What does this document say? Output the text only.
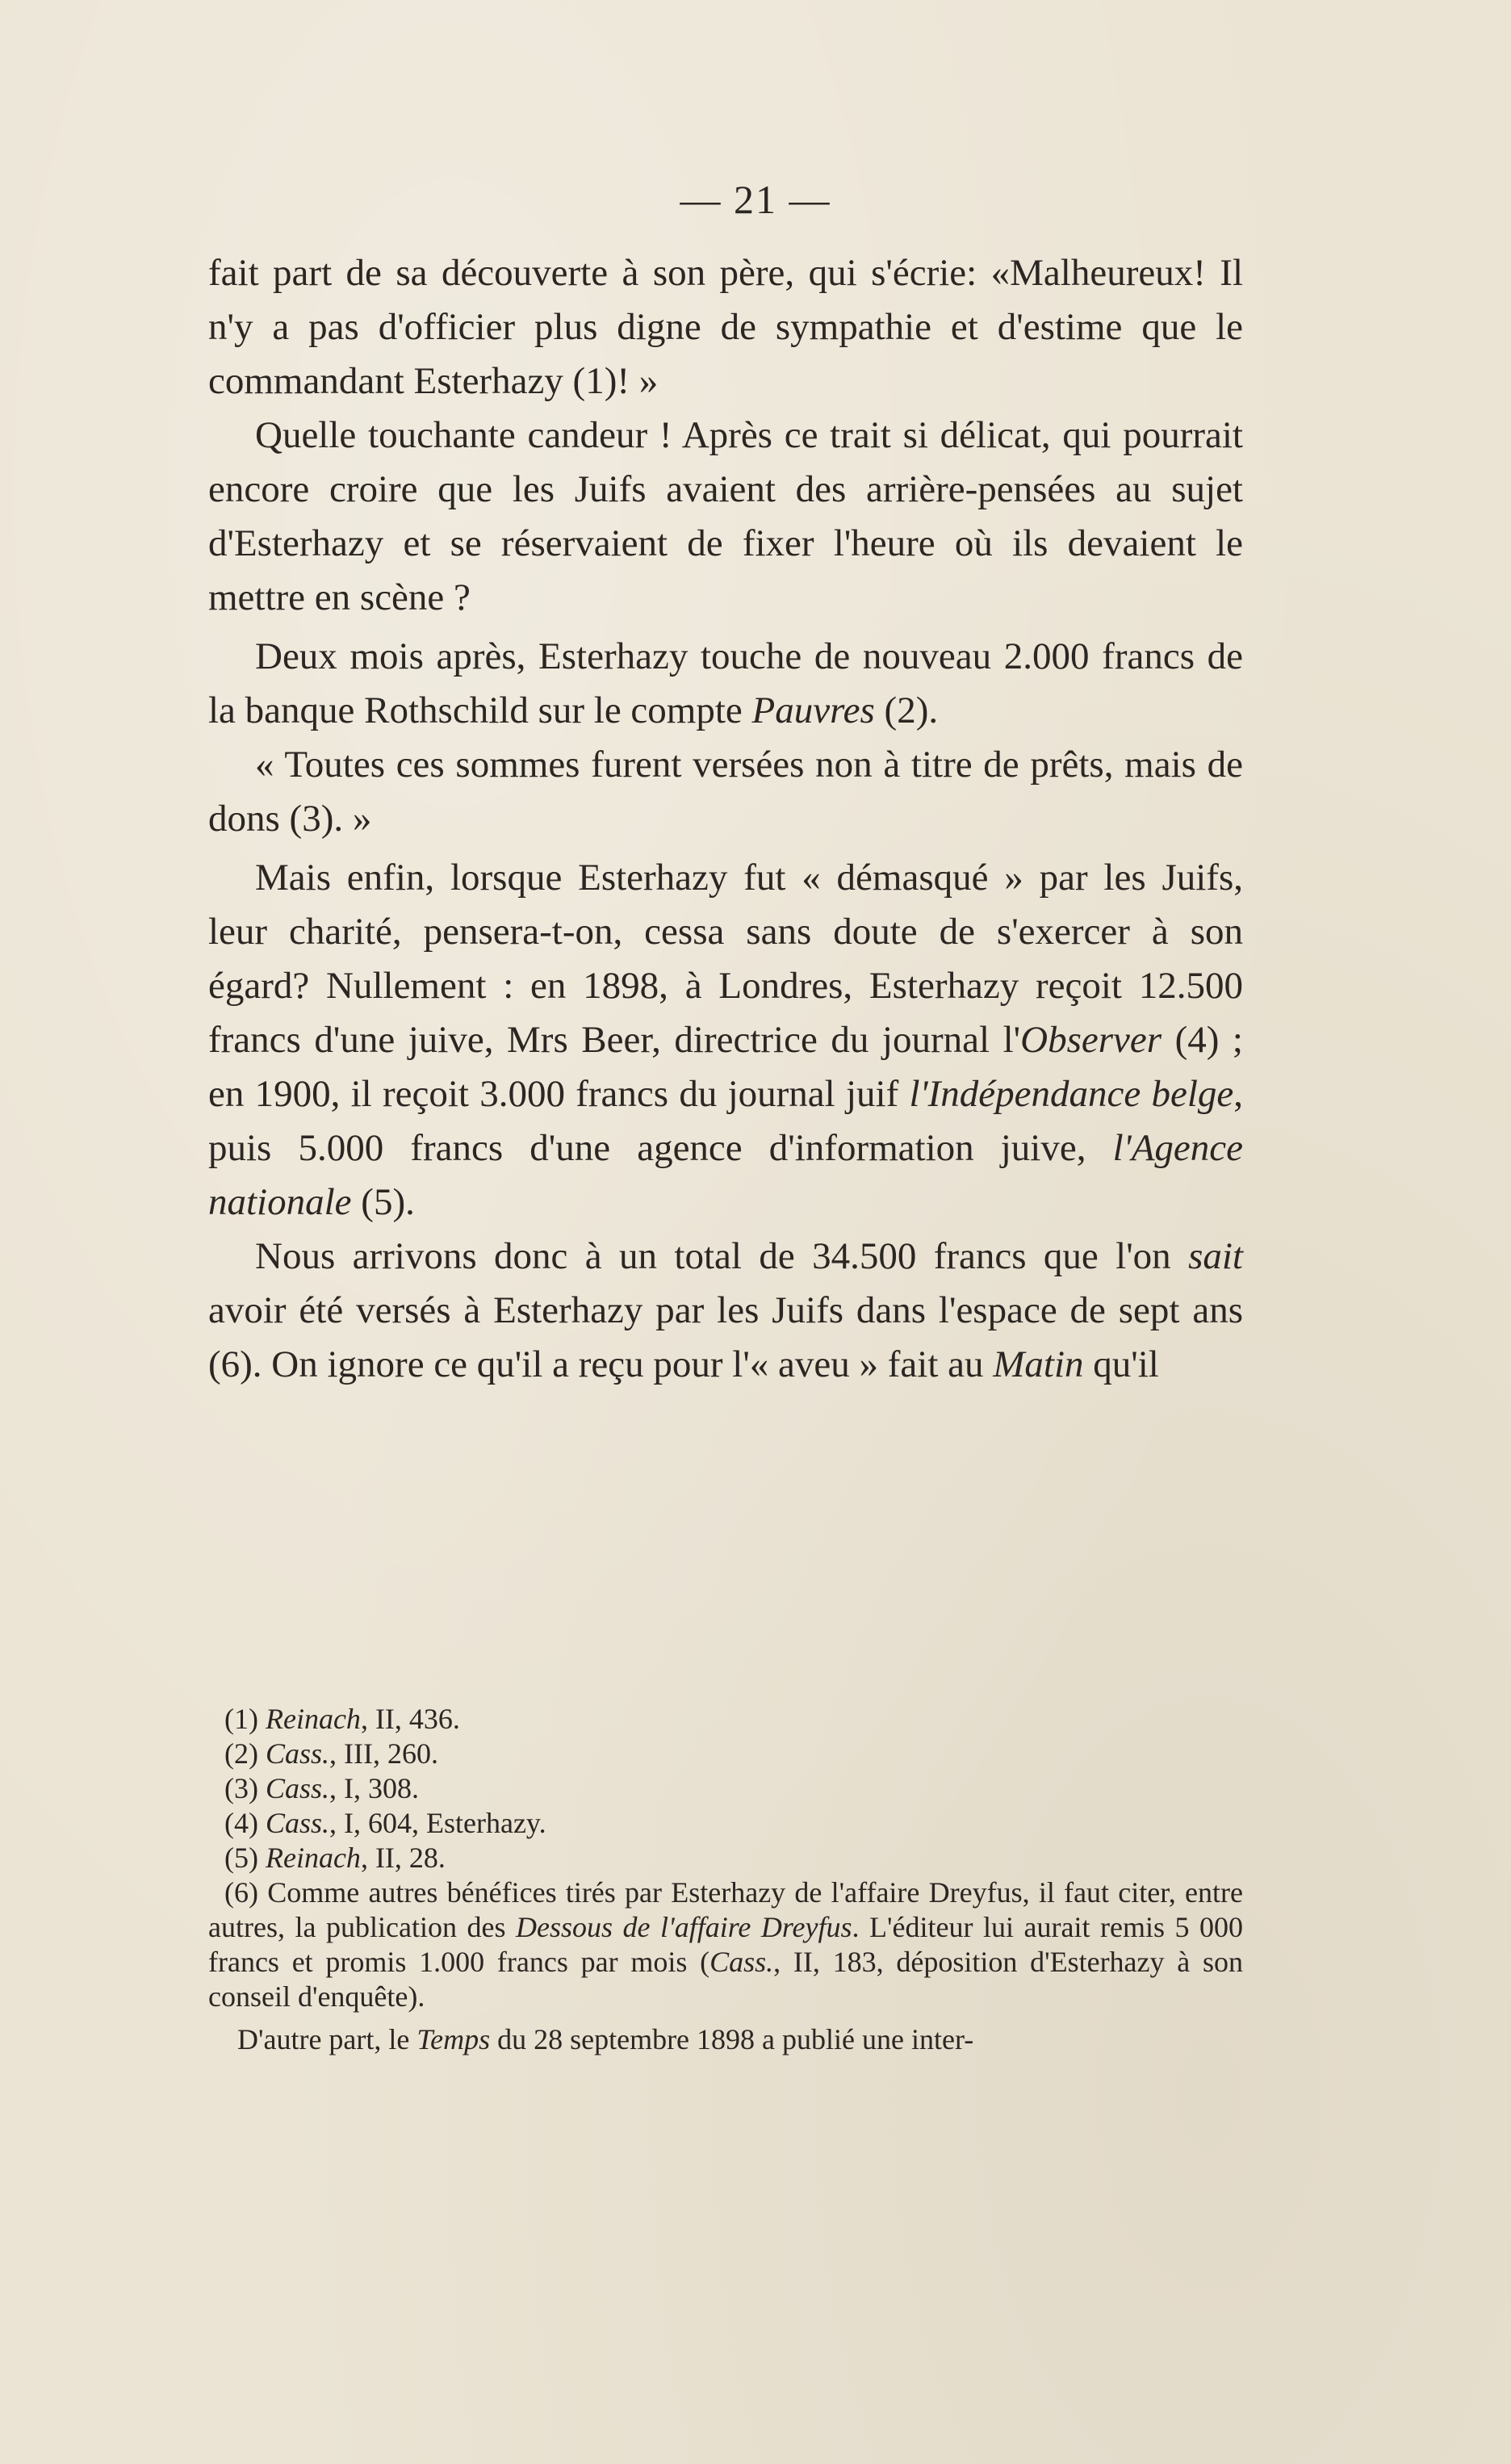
— 21 —

fait part de sa découverte à son père, qui s'écrie: «Malheureux! Il n'y a pas d'officier plus digne de sympathie et d'estime que le commandant Esterhazy (1)! »

Quelle touchante candeur ! Après ce trait si délicat, qui pourrait encore croire que les Juifs avaient des arrière-pensées au sujet d'Esterhazy et se réservaient de fixer l'heure où ils devaient le mettre en scène ?

Deux mois après, Esterhazy touche de nouveau 2.000 francs de la banque Rothschild sur le compte Pauvres (2).

« Toutes ces sommes furent versées non à titre de prêts, mais de dons (3). »

Mais enfin, lorsque Esterhazy fut « démasqué » par les Juifs, leur charité, pensera-t-on, cessa sans doute de s'exercer à son égard? Nullement : en 1898, à Londres, Esterhazy reçoit 12.500 francs d'une juive, Mrs Beer, directrice du journal l'Observer (4) ; en 1900, il reçoit 3.000 francs du journal juif l'Indépendance belge, puis 5.000 francs d'une agence d'information juive, l'Agence nationale (5).

Nous arrivons donc à un total de 34.500 francs que l'on sait avoir été versés à Esterhazy par les Juifs dans l'espace de sept ans (6). On ignore ce qu'il a reçu pour l'« aveu » fait au Matin qu'il

(1) Reinach, II, 436.

(2) Cass., III, 260.

(3) Cass., I, 308.

(4) Cass., I, 604, Esterhazy.

(5) Reinach, II, 28.

(6) Comme autres bénéfices tirés par Esterhazy de l'affaire Dreyfus, il faut citer, entre autres, la publication des Dessous de l'affaire Dreyfus. L'éditeur lui aurait remis 5 000 francs et promis 1.000 francs par mois (Cass., II, 183, déposition d'Esterhazy à son conseil d'enquête).

D'autre part, le Temps du 28 septembre 1898 a publié une inter-
